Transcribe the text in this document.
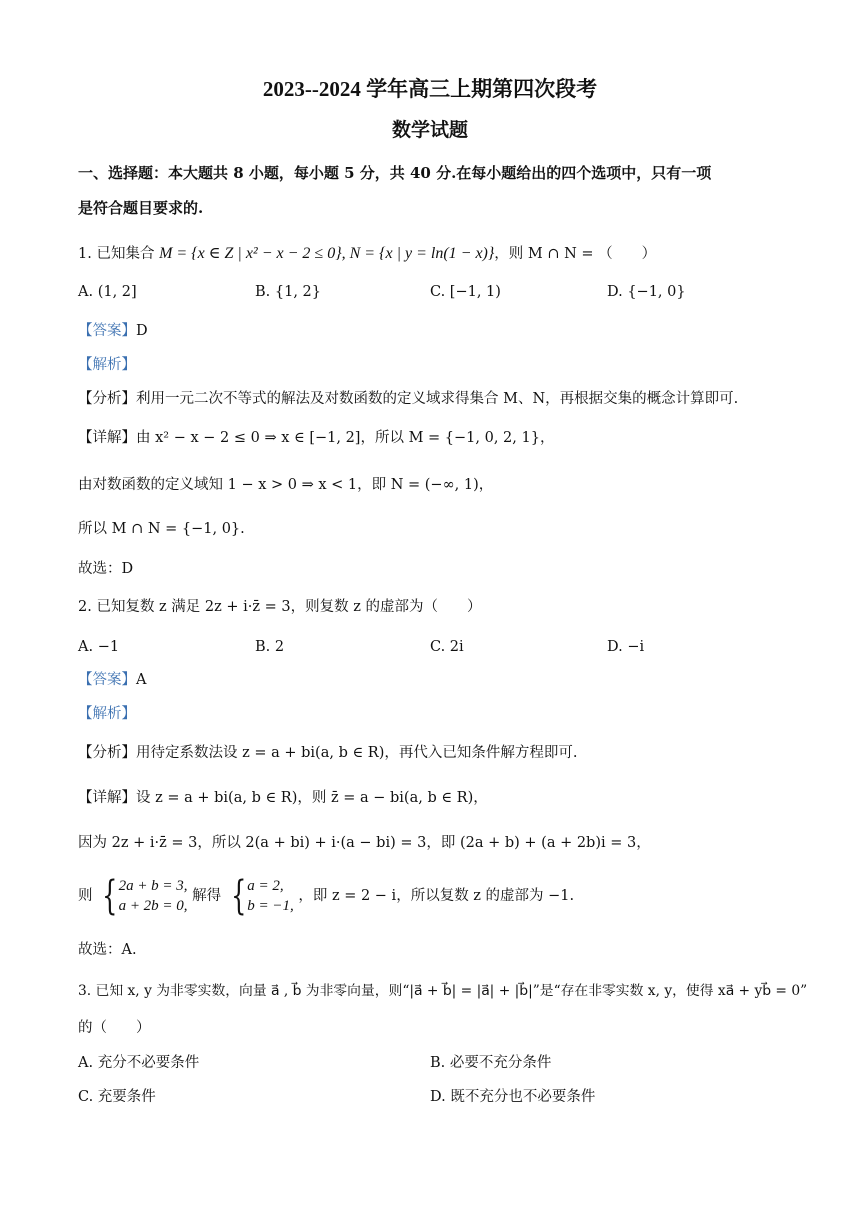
2023--2024 学年高三上期第四次段考
数学试题
一、选择题：本大题共 8 小题，每小题 5 分，共 40 分.在每小题给出的四个选项中，只有一项
是符合题目要求的.
1. 已知集合 M = {x ∈ Z | x² − x − 2 ≤ 0}, N = {x | y = ln(1 − x)}，则 M ∩ N = （　　）
A. (1, 2]	B. {1, 2}	C. [−1, 1)	D. {−1, 0}
【答案】D
【解析】
【分析】利用一元二次不等式的解法及对数函数的定义域求得集合 M、N，再根据交集的概念计算即可.
【详解】由 x² − x − 2 ≤ 0 ⇒ x ∈ [−1, 2]，所以 M = {−1, 0, 2, 1}，
由对数函数的定义域知 1 − x > 0 ⇒ x < 1，即 N = (−∞, 1)，
所以 M ∩ N = {−1, 0}.
故选：D
2. 已知复数 z 满足 2z + i·z̄ = 3，则复数 z 的虚部为（　　）
A. −1	B. 2	C. 2i	D. −i
【答案】A
【解析】
【分析】用待定系数法设 z = a + bi(a, b ∈ R)，再代入已知条件解方程即可.
【详解】设 z = a + bi(a, b ∈ R)，则 z̄ = a − bi(a, b ∈ R)，
因为 2z + i·z̄ = 3，所以 2(a + bi) + i·(a − bi) = 3，即 (2a + b) + (a + 2b)i = 3，
则 {2a + b = 3,
a + 2b = 0, 解得 {a = 2,
b = −1, ，即 z = 2 − i，所以复数 z 的虚部为 −1.
故选：A.
3. 已知 x, y 为非零实数，向量 a⃗ , b⃗ 为非零向量，则“|a⃗ + b⃗| = |a⃗| + |b⃗|”是“存在非零实数 x, y，使得 xa⃗ + yb⃗ = 0”
的（　　）
A. 充分不必要条件	B. 必要不充分条件
C. 充要条件	D. 既不充分也不必要条件
